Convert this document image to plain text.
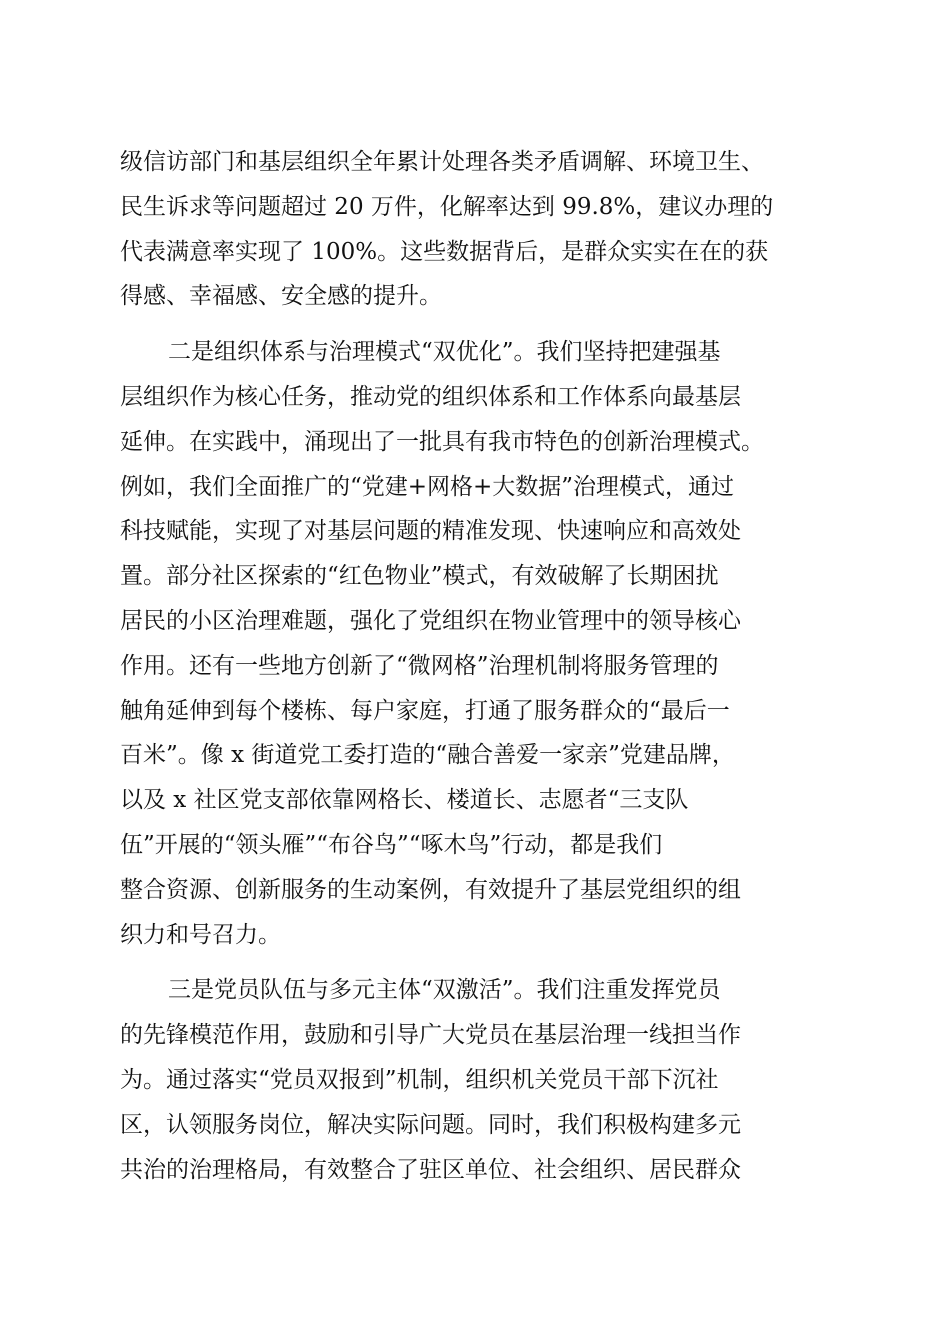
级信访部门和基层组织全年累计处理各类矛盾调解、环境卫生、
民生诉求等问题超过 20 万件，化解率达到 99.8%，建议办理的
代表满意率实现了 100%。这些数据背后，是群众实实在在的获
得感、幸福感、安全感的提升。
二是组织体系与治理模式“双优化”。我们坚持把建强基
层组织作为核心任务，推动党的组织体系和工作体系向最基层
延伸。在实践中，涌现出了一批具有我市特色的创新治理模式。
例如，我们全面推广的“党建+网格+大数据”治理模式，通过
科技赋能，实现了对基层问题的精准发现、快速响应和高效处
置。部分社区探索的“红色物业”模式，有效破解了长期困扰
居民的小区治理难题，强化了党组织在物业管理中的领导核心
作用。还有一些地方创新了“微网格”治理机制将服务管理的
触角延伸到每个楼栋、每户家庭，打通了服务群众的“最后一
百米”。像 x 街道党工委打造的“融合善爱一家亲”党建品牌，
以及 x 社区党支部依靠网格长、楼道长、志愿者“三支队
伍”开展的“领头雁”“布谷鸟”“啄木鸟”行动，都是我们
整合资源、创新服务的生动案例，有效提升了基层党组织的组
织力和号召力。
三是党员队伍与多元主体“双激活”。我们注重发挥党员
的先锋模范作用，鼓励和引导广大党员在基层治理一线担当作
为。通过落实“党员双报到”机制，组织机关党员干部下沉社
区，认领服务岗位，解决实际问题。同时，我们积极构建多元
共治的治理格局，有效整合了驻区单位、社会组织、居民群众
